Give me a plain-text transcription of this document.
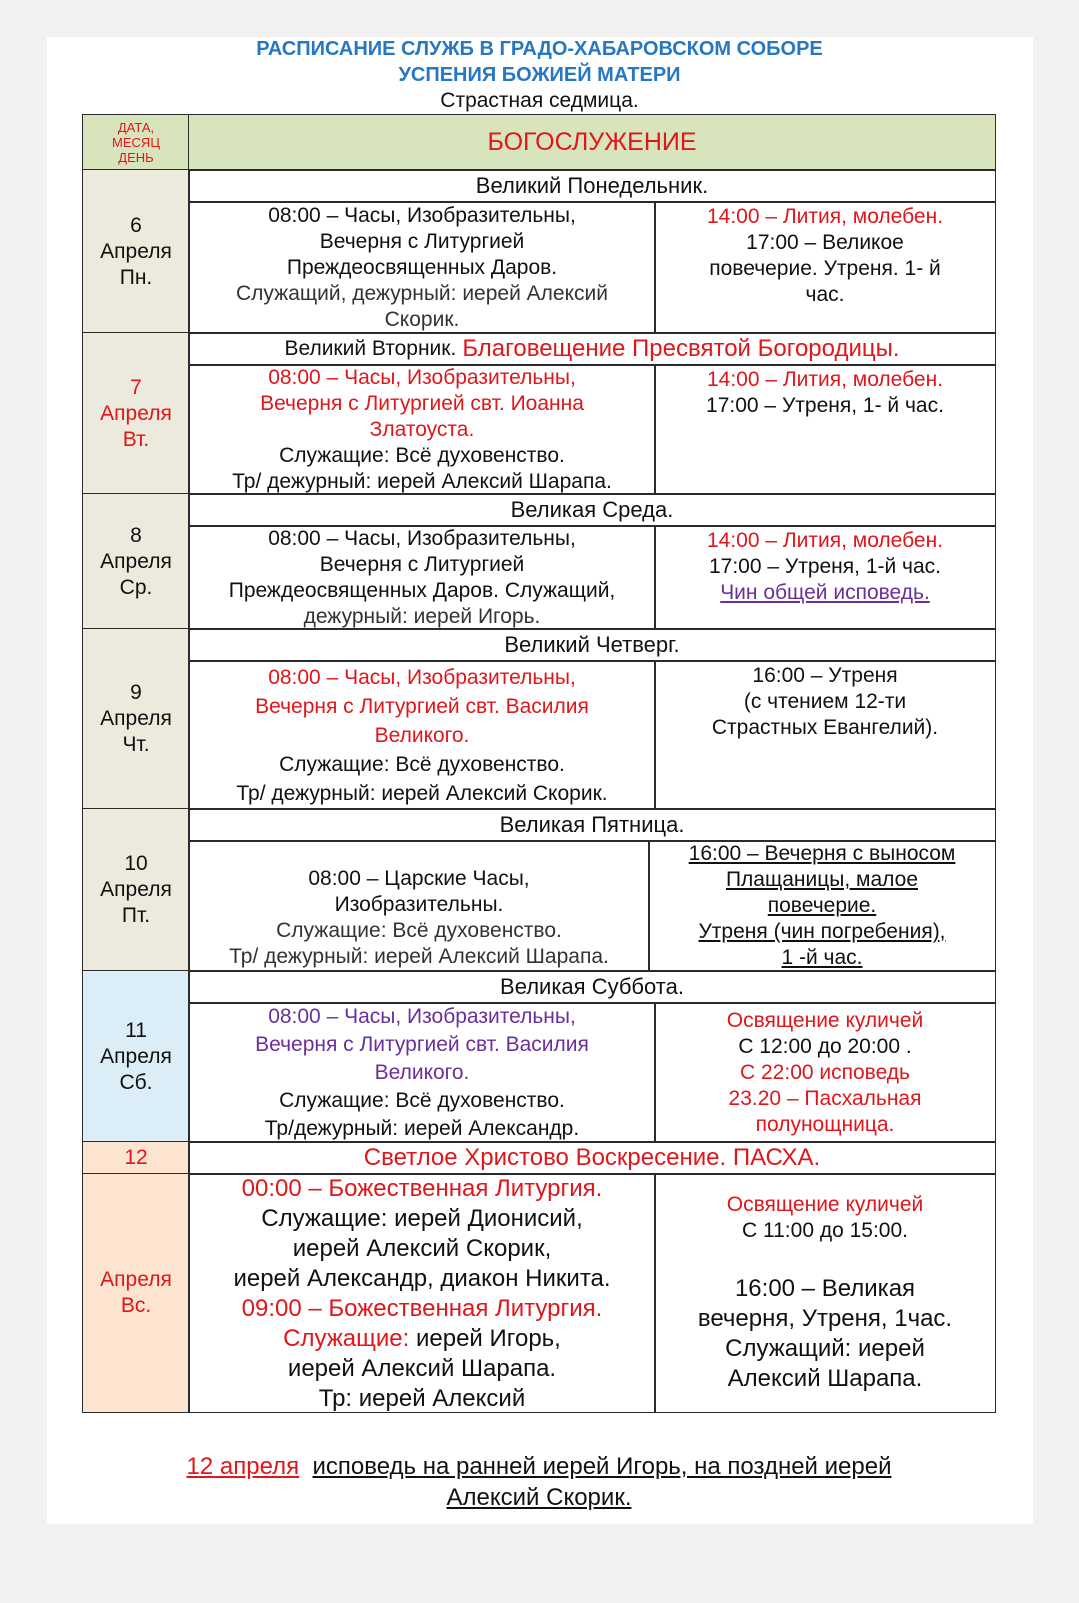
РАСПИСАНИЕ СЛУЖБ В ГРАДО-ХАБАРОВСКОМ СОБОРЕ
УСПЕНИЯ БОЖИЕЙ МАТЕРИ
Страстная седмица.
ДАТА,
МЕСЯЦ
ДЕНЬ
БОГОСЛУЖЕНИЕ
6
Апреля
Пн.
Великий Понедельник.
08:00 – Часы, Изобразительны,
Вечерня с Литургией
Преждеосвященных Даров.
Служащий, дежурный: иерей Алексий
Скорик.
14:00 – Лития, молебен.
17:00 – Великое
повечерие. Утреня. 1- й
час.
7
Апреля
Вт.
Великий Вторник. Благовещение Пресвятой Богородицы.
08:00 – Часы, Изобразительны,
Вечерня с Литургией свт. Иоанна
Златоуста.
Служащие: Всё духовенство.
Тр/ дежурный: иерей Алексий Шарапа.
14:00 – Лития, молебен.
17:00 – Утреня, 1- й час.
8
Апреля
Ср.
Великая Среда.
08:00 – Часы, Изобразительны,
Вечерня с Литургией
Преждеосвященных Даров. Служащий,
дежурный: иерей Игорь.
14:00 – Лития, молебен.
17:00 – Утреня, 1-й час.
Чин общей исповедь.
9
Апреля
Чт.
Великий Четверг.
08:00 – Часы, Изобразительны,
Вечерня с Литургией свт. Василия
Великого.
Служащие: Всё духовенство.
Тр/ дежурный: иерей Алексий Скорик.
16:00 – Утреня
(с чтением 12-ти
Страстных Евангелий).
10
Апреля
Пт.
Великая Пятница.
08:00 – Царские Часы,
Изобразительны.
Служащие: Всё духовенство.
Тр/ дежурный: иерей Алексий Шарапа.
16:00 – Вечерня с выносом
Плащаницы, малое
повечерие.
Утреня (чин погребения),
1 -й час.
11
Апреля
Сб.
Великая Суббота.
08:00 – Часы, Изобразительны,
Вечерня с Литургией свт. Василия
Великого.
Служащие: Всё духовенство.
Тр/дежурный: иерей Александр.
Освящение куличей
С 12:00 до 20:00 .
С 22:00 исповедь
23.20 – Пасхальная
полунощница.
12	Светлое Христово Воскресение. ПАСХА.
Апреля
Вс.
00:00 – Божественная Литургия.
Служащие: иерей Дионисий,
иерей Алексий Скорик,
иерей Александр, диакон Никита.
09:00 – Божественная Литургия.
Служащие: иерей Игорь,
иерей Алексий Шарапа.
Тр: иерей Алексий
Освящение куличей
С 11:00 до 15:00.
16:00 – Великая
вечерня, Утреня, 1час.
Служащий: иерей
Алексий Шарапа.
12 апреля исповедь на ранней иерей Игорь, на поздней иерей
Алексий Скорик.
